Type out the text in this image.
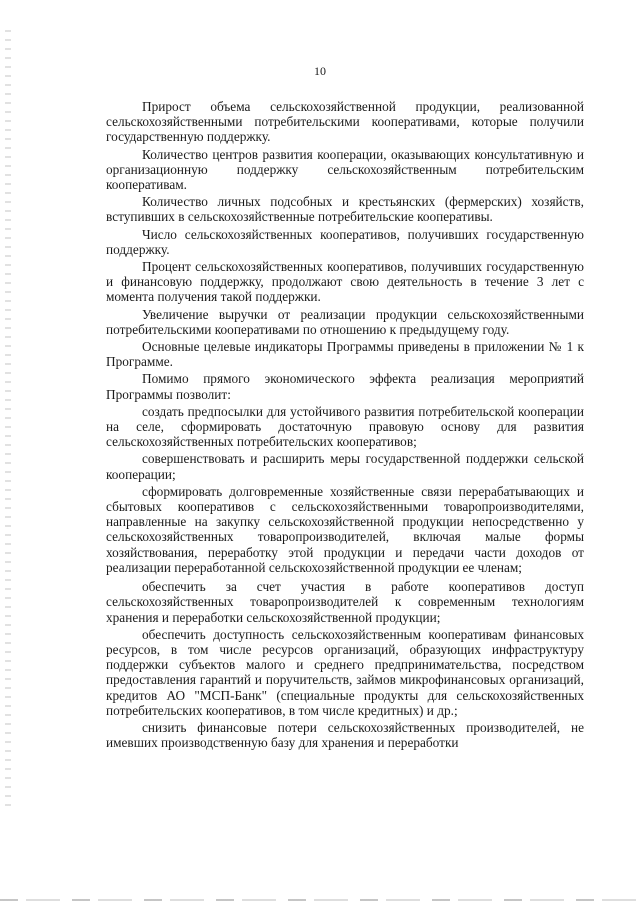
10

Прирост объема сельскохозяйственной продукции, реализованной сельскохозяйственными потребительскими кооперативами, которые получили государственную поддержку.

Количество центров развития кооперации, оказывающих консультативную и организационную поддержку сельскохозяйственным потребительским кооперативам.

Количество личных подсобных и крестьянских (фермерских) хозяйств, вступивших в сельскохозяйственные потребительские кооперативы.

Число сельскохозяйственных кооперативов, получивших государственную поддержку.

Процент сельскохозяйственных кооперативов, получивших государственную и финансовую поддержку, продолжают свою деятельность в течение 3 лет с момента получения такой поддержки.

Увеличение выручки от реализации продукции сельскохозяйственными потребительскими кооперативами по отношению к предыдущему году.

Основные целевые индикаторы Программы приведены в приложении № 1 к Программе.

Помимо прямого экономического эффекта реализация мероприятий Программы позволит:

создать предпосылки для устойчивого развития потребительской кооперации на селе, сформировать достаточную правовую основу для развития сельскохозяйственных потребительских кооперативов;

совершенствовать и расширить меры государственной поддержки сельской кооперации;

сформировать долговременные хозяйственные связи перерабатывающих и сбытовых кооперативов с сельскохозяйственными товаропроизводителями, направленные на закупку сельскохозяйственной продукции непосредственно у сельскохозяйственных товаропроизводителей, включая малые формы хозяйствования, переработку этой продукции и передачи части доходов от реализации переработанной сельскохозяйственной продукции ее членам;

обеспечить за счет участия в работе кооперативов доступ сельскохозяйственных товаропроизводителей к современным технологиям хранения и переработки сельскохозяйственной продукции;

обеспечить доступность сельскохозяйственным кооперативам финансовых ресурсов, в том числе ресурсов организаций, образующих инфраструктуру поддержки субъектов малого и среднего предпринимательства, посредством предоставления гарантий и поручительств, займов микрофинансовых организаций, кредитов АО "МСП-Банк" (специальные продукты для сельскохозяйственных потребительских кооперативов, в том числе кредитных) и др.;

снизить финансовые потери сельскохозяйственных производителей, не имевших производственную базу для хранения и переработки
